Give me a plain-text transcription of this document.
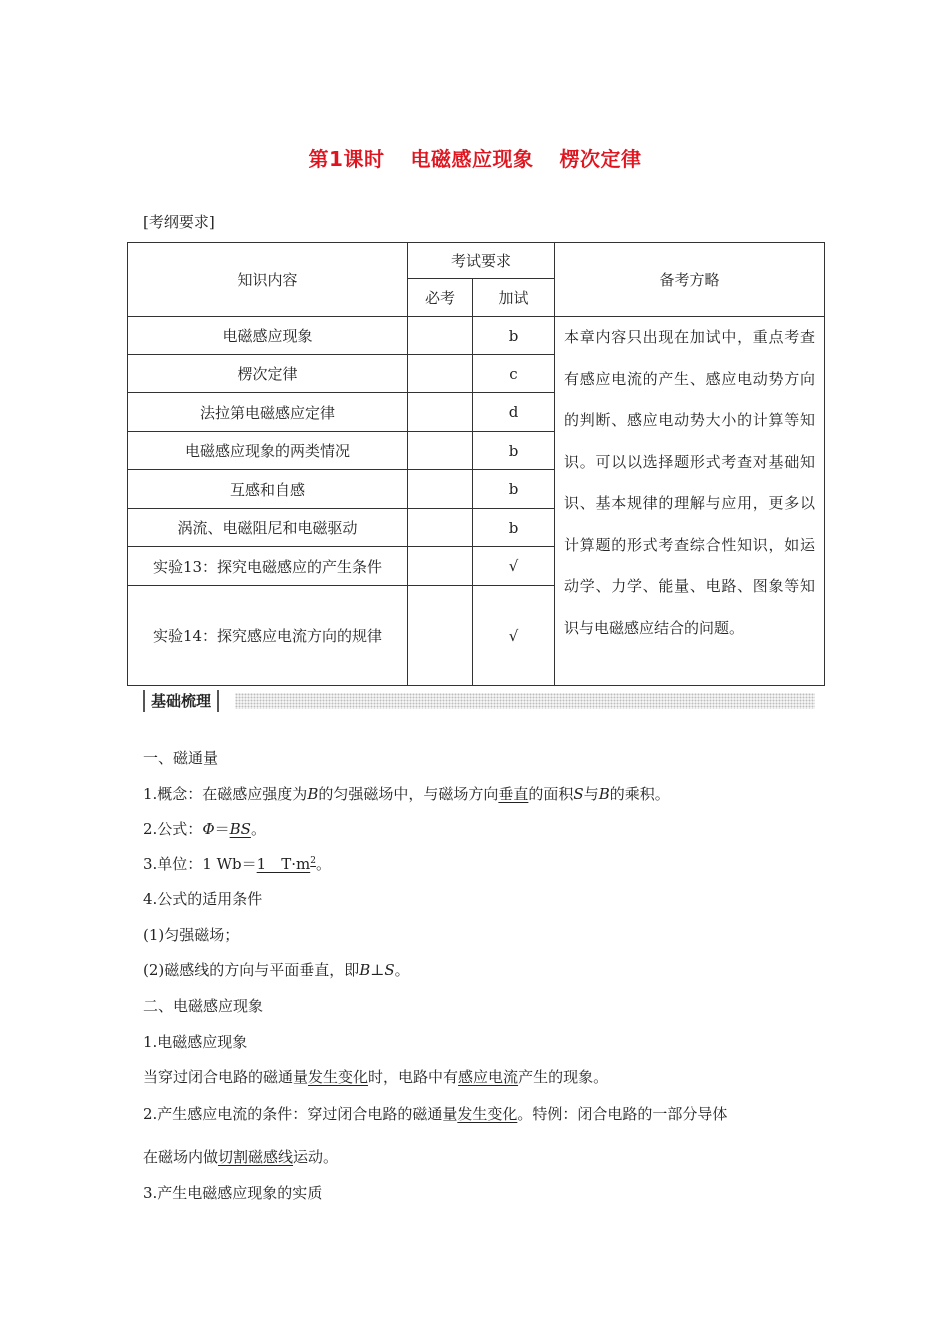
第1课时 电磁感应现象 楞次定律
[考纲要求]
知识内容	考试要求		备考方略
	必考	加试	
电磁感应现象		b	本章内容只出现在加试中，重点考查有感应电流的产生、感应电动势方向的判断、感应电动势大小的计算等知识。可以以选择题形式考查对基础知识、基本规律的理解与应用，更多以计算题的形式考查综合性知识，如运动学、力学、能量、电路、图象等知识与电磁感应结合的问题。
楞次定律		c	
法拉第电磁感应定律		d	
电磁感应现象的两类情况		b	
互感和自感		b	
涡流、电磁阻尼和电磁驱动		b	
实验13：探究电磁感应的产生条件		√	
实验14：探究感应电流方向的规律		√	
基础梳理
一、磁通量
1.概念：在磁感应强度为B的匀强磁场中，与磁场方向垂直的面积S与B的乘积。
2.公式：Φ＝BS。
3.单位：1 Wb＝1　$T\cdot m^2$。
4.公式的适用条件
(1)匀强磁场；
(2)磁感线的方向与平面垂直，即B⊥S。
二、电磁感应现象
1.电磁感应现象
当穿过闭合电路的磁通量发生变化时，电路中有感应电流产生的现象。
2.产生感应电流的条件：穿过闭合电路的磁通量发生变化。特例：闭合电路的一部分导体
在磁场内做切割磁感线运动。
3.产生电磁感应现象的实质
